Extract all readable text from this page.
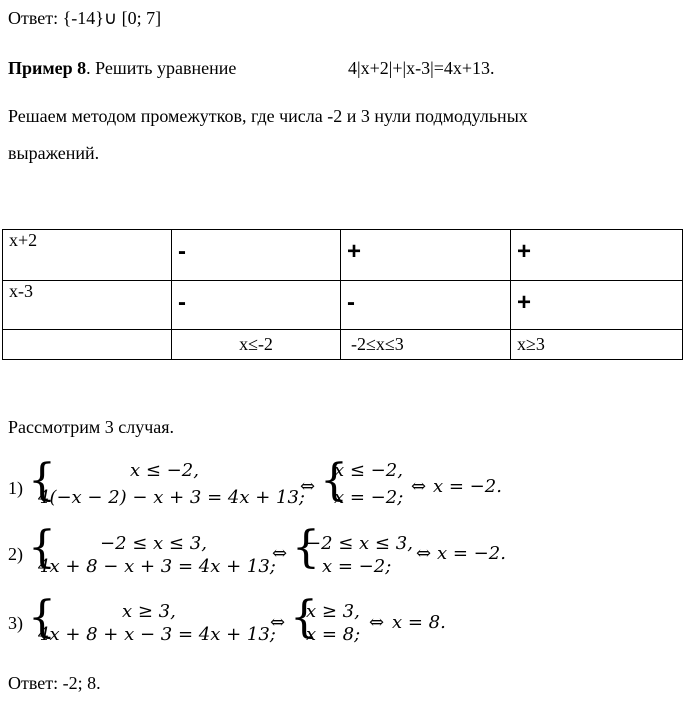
Ответ: {-14}∪ [0; 7]
Пример 8. Решить уравнение	4|x+2|+|x-3|=4x+13.
Решаем методом промежутков, где числа -2 и 3 нули подмодульных
выражений.
x+2	-	+	+
x-3	-	-	+
	x≤-2	-2≤x≤3	x≥3
Рассмотрим 3 случая.
1) {	x ≤ −2,
4(−x − 2) − x + 3 = 4x + 13;
⇔ {
x ≤ −2,
x = −2;
⇔ x = −2.
2) { −2 ≤ x ≤ 3,
4x + 8 − x + 3 = 4x + 13;
⇔ {
−2 ≤ x ≤ 3,
x = −2;
⇔ x = −2.
3) {	x ≥ 3,
4x + 8 + x − 3 = 4x + 13;
⇔ {
x ≥ 3,
x = 8;
⇔ x = 8.
Ответ: -2; 8.
